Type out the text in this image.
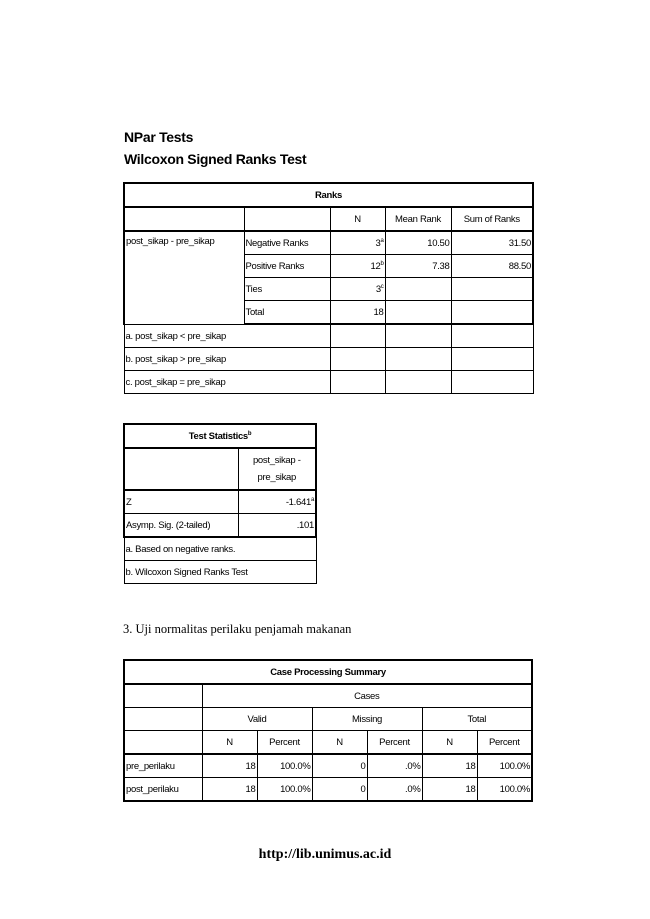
NPar Tests
Wilcoxon Signed Ranks Test
Ranks				
		N	Mean Rank	Sum of Ranks
post_sikap - pre_sikap	Negative Ranks	3$^a$	10.50	31.50
	Positive Ranks	12$^b$	7.38	88.50
	Ties	3$^c$		
	Total	18		
a. post_sikap < pre_sikap				
b. post_sikap > pre_sikap				
c. post_sikap = pre_sikap				
Test Statistics$^b$
	post_sikap -
pre_sikap
Z	-1.641$^a$
Asymp. Sig. (2-tailed)	.101
a. Based on negative ranks.	
b. Wilcoxon Signed Ranks Test	
3. Uji normalitas perilaku penjamah makanan
Case Processing Summary						
	Cases					
	Valid		Missing		Total	
	N	Percent	N	Percent	N	Percent
pre_perilaku	18	100.0%	0	.0%	18	100.0%
post_perilaku	18	100.0%	0	.0%	18	100.0%
http://lib.unimus.ac.id
